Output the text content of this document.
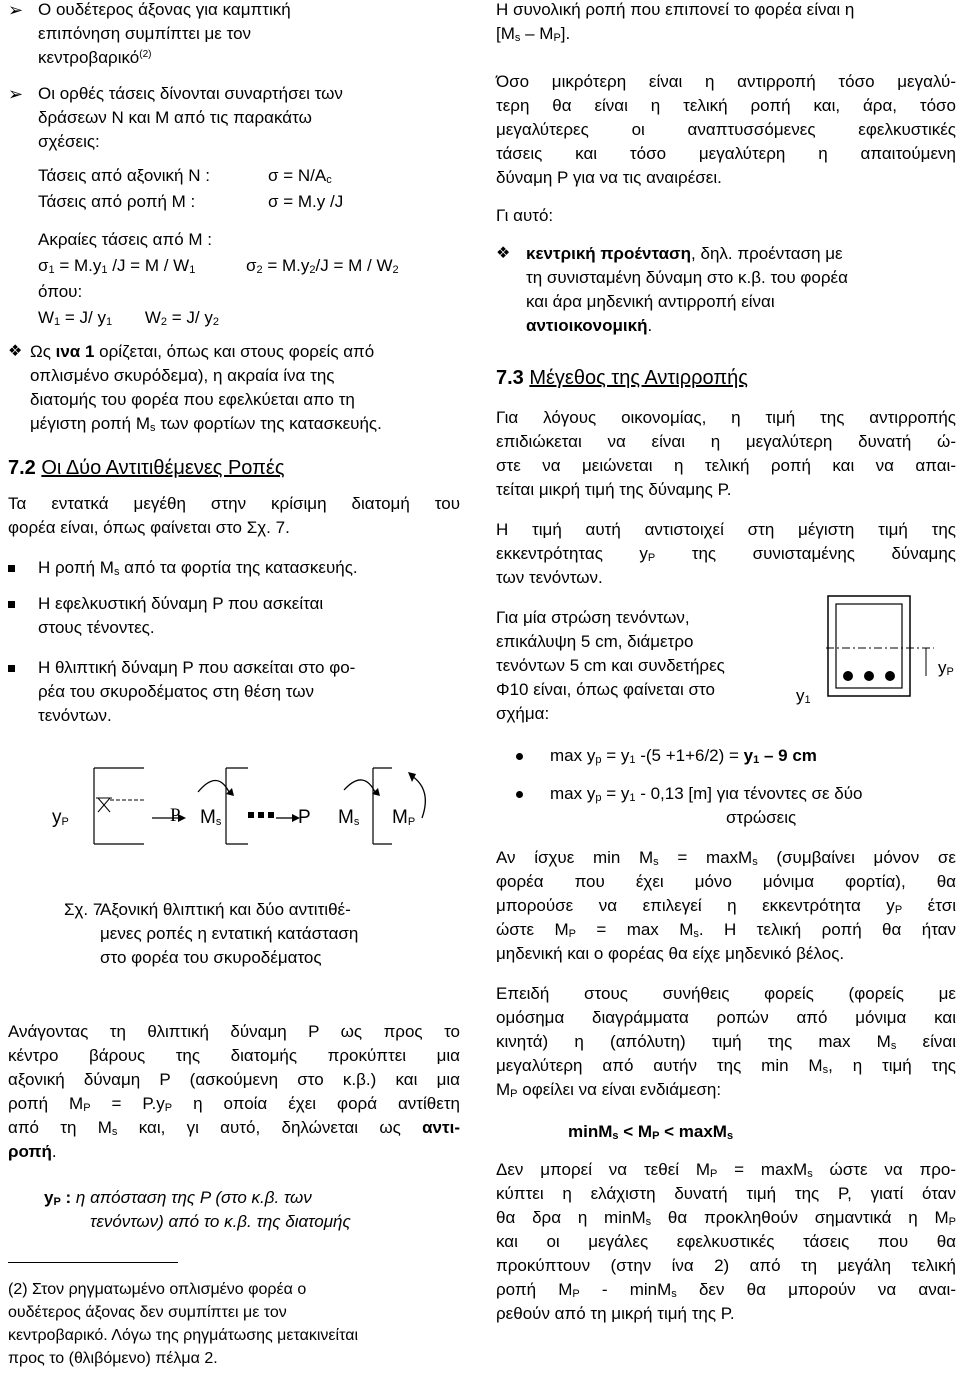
➢ Ο ουδέτερος άξονας για καμπτική
επιπόνηση συμπίπτει με τον
κεντροβαρικό$^{(2)}$
➢ Οι ορθές τάσεις δίνονται συναρτήσει των
δράσεων Ν και Μ από τις παρακάτω
σχέσεις:
Τάσεις από αξονική Ν :	$\sigma = N/A_c$
Τάσεις από ροπή Μ :	σ = M.y /J
Ακραίες τάσεις από Μ :
$\sigma_1 = M.y_1$ $/J = M / W_1$	$\sigma_2 = M.y_2/J = M / W_2$
όπου:
$W_1 = J/$ $y_1$ $W_2 = J/$ $y_2$
❖ Ως ινα 1 ορίζεται, όπως και στους φορείς από
οπλισμένο σκυρόδεμα), η ακραία ίνα της
διατομής του φορέα που εφελκύεται απο τη
μέγιστη ροπή $M_s$ των φορτίων της κατασκευής.
7.2 Οι Δύο Αντιτιθέμενες Ροπές
Τα εντατκά μεγέθη στην κρίσιμη διατομή του
φορέα είναι, όπως φαίνεται στο Σχ. 7.
Η ροπή $M_s$ από τα φορτία της κατασκευής.
Η εφελκυστική δύναμη P που ασκείται
στους τένοντες.
Η θλιπτική δύναμη P που ασκείται στο φο-
ρέα του σκυροδέματος στη θέση των
τενόντων.
$y_P$	P $M_s$	P $M_s$ $M_P$
Σχ. 7
Αξονική θλιπτική και δύο αντιτιθέ-
μενες ροπές η εντατική κατάσταση
στο φορέα του σκυροδέματος
Ανάγοντας τη θλιπτική δύναμη P ως προς το
κέντρο βάρους της διατομής προκύπτει μια
αξονική δύναμη P (ασκούμενη στο κ.β.) και μια
ροπή $M_P = P.y_P$ η οποία έχει φορά αντίθετη
από τη $M_s$ και, γι αυτό, δηλώνεται ως αντι-
ροπή.
$y_P$ : η απόσταση της P (στο κ.β. των
τενόντων) από το κ.β. της διατομής
(2) Στον ρηγματωμένο οπλισμένο φορέα ο
ουδέτερος άξονας δεν συμπίπτει με τον
κεντροβαρικό. Λόγω της ρηγμάτωσης μετακινείται
προς το (θλιβόμενο) πέλμα 2.
Η συνολική ροπή που επιπονεί το φορέα είναι η
$[M_s - M_P]$.
Όσο μικρότερη είναι η αντιρροπή τόσο μεγαλύ-
τερη θα είναι η τελική ροπή και, άρα, τόσο
μεγαλύτερες οι αναπτυσσόμενες εφελκυστικές
τάσεις και τόσο μεγαλύτερη η απαιτούμενη
δύναμη P για να τις αναιρέσει.
Γι αυτό:
❖ κεντρική προένταση, δηλ. προένταση με
τη συνισταμένη δύναμη στο κ.β. του φορέα
και άρα μηδενική αντιρροπή είναι
αντιοικονομική.
7.3 Μέγεθος της Αντιρροπής
Για λόγους οικονομίας, η τιμή της αντιρροπής
επιδιώκεται να είναι η μεγαλύτερη δυνατή ώ-
στε να μειώνεται η τελική ροπή και να απαι-
τείται μικρή τιμή της δύναμης P.
Η τιμή αυτή αντιστοιχεί στη μέγιστη τιμή της
εκκεντρότητας $y_P$ της συνισταμένης δύναμης
των τενόντων.
Για μία στρώση τενόντων,
επικάλυψη 5 cm, διάμετρο
τενόντων 5 cm και συνδετήρες
Φ10 είναι, όπως φαίνεται στο
σχήμα:
$y_P$
$y_1$
$\max y_p = y_1$ $-(5 +1+6/2) = y_1 - 9$ cm
$\max y_p = y_1 - 0,13$ [m] για τένοντες σε δύο
στρώσεις
Αν ίσχυε $\min M_s = \max M_s$ (συμβαίνει μόνον σε
φορέα που έχει μόνο μόνιμα φορτία), θα
μπορούσε να επιλεγεί η εκκεντρότητα $y_P$ έτσι
ώστε $M_P = \max M_s$. Η τελική ροπή θα ήταν
μηδενική και ο φορέας θα είχε μηδενικό βέλος.
Επειδή στους συνήθεις φορείς (φορείς με
ομόσημα διαγράμματα ροπών από μόνιμα και
κινητά) η (απόλυτη) τιμή της $\max M_s$ είναι
μεγαλύτερη από αυτήν της $\min M_s$, η τιμή της
$M_P$ οφείλει να είναι ενδιάμεση:
$\min M_s < M_P < \max M_s$
Δεν μπορεί να τεθεί $M_P = \max M_s$ ώστε να προ-
κύπτει η ελάχιστη δυνατή τιμή της P, γιατί όταν
θα δρα η minM$_s$ θα προκληθούν σημαντικά η $M_P$
και οι μεγάλες εφελκυστικές τάσεις που θα
προκύπτουν (στην ίνα 2) από τη μεγάλη τελική
ροπή $M_P - \min M_s$ δεν θα μπορούν να αναι-
ρεθούν από τη μικρή τιμή της P.
